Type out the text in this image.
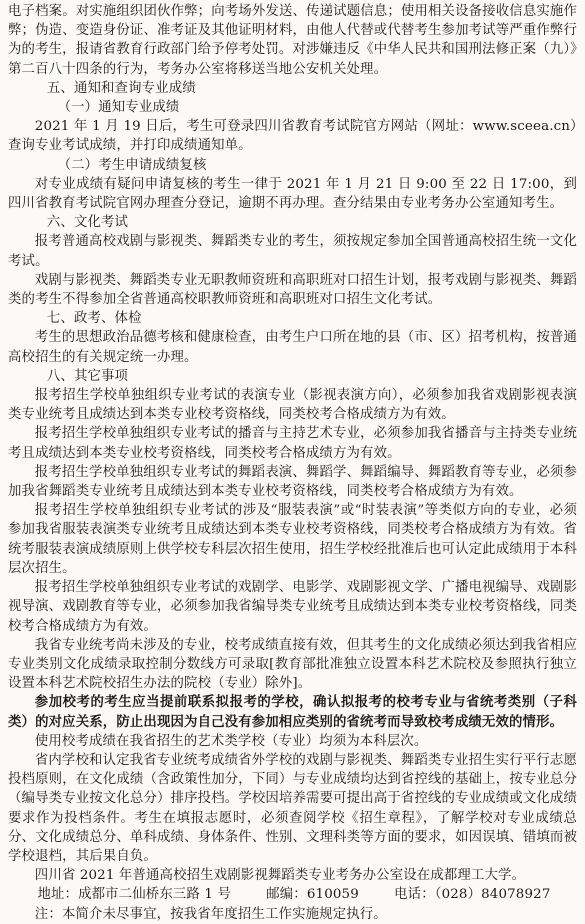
电子档案。对实施组织团伙作弊；向考场外发送、传递试题信息；使用相关设备接收信息实施作弊；伪造、变造身份证、准考证及其他证明材料，由他人代替或代替考生参加考试等严重作弊行为的考生，报请省教育行政部门给予停考处罚。对涉嫌违反《中华人民共和国刑法修正案（九）》第二百八十四条的行为，考务办公室将移送当地公安机关处理。

五、通知和查询专业成绩

（一）通知专业成绩

2021 年 1 月 19 日后，考生可登录四川省教育考试院官方网站（网址：www.sceea.cn）查询专业考试成绩，并打印成绩通知单。

（二）考生申请成绩复核

对专业成绩有疑问申请复核的考生一律于 2021 年 1 月 21 日 9:00 至 22 日 17:00，到四川省教育考试院官网办理查分登记，逾期不再办理。查分结果由专业考务办公室通知考生。

六、文化考试

报考普通高校戏剧与影视类、舞蹈类专业的考生，须按规定参加全国普通高校招生统一文化考试。

戏剧与影视类、舞蹈类专业无职教师资班和高职班对口招生计划，报考戏剧与影视类、舞蹈类的考生不得参加全省普通高校职教师资班和高职班对口招生文化考试。

七、政考、体检

考生的思想政治品德考核和健康检查，由考生户口所在地的县（市、区）招考机构，按普通高校招生的有关规定统一办理。

八、其它事项

报考招生学校单独组织专业考试的表演专业（影视表演方向），必须参加我省戏剧影视表演类专业统考且成绩达到本类专业校考资格线，同类校考合格成绩方为有效。

报考招生学校单独组织专业考试的播音与主持艺术专业，必须参加我省播音与主持类专业统考且成绩达到本类专业校考资格线，同类校考合格成绩方为有效。

报考招生学校单独组织专业考试的舞蹈表演、舞蹈学、舞蹈编导、舞蹈教育等专业，必须参加我省舞蹈类专业统考且成绩达到本类专业校考资格线，同类校考合格成绩方为有效。

报考招生学校单独组织专业考试的涉及“服装表演”或“时装表演”等类似方向的专业，必须参加我省服装表演类专业统考且成绩达到本类专业校考资格线，同类校考合格成绩方为有效。省统考服装表演成绩原则上供学校专科层次招生使用，招生学校经批准后也可认定此成绩用于本科层次招生。

报考招生学校单独组织专业考试的戏剧学、电影学、戏剧影视文学、广播电视编导、戏剧影视导演、戏剧教育等专业，必须参加我省编导类专业统考且成绩达到本类专业校考资格线，同类校考合格成绩方为有效。

我省专业统考尚未涉及的专业，校考成绩直接有效，但其考生的文化成绩必须达到我省相应专业类别文化成绩录取控制分数线方可录取[教育部批准独立设置本科艺术院校及参照执行独立设置本科艺术院校招生办法的院校（专业）除外]。

参加校考的考生应当提前联系拟报考的学校，确认拟报考的校考专业与省统考类别（子科类）的对应关系，防止出现因为自己没有参加相应类别的省统考而导致校考成绩无效的情形。

使用校考成绩在我省招生的艺术类学校（专业）均须为本科层次。

省内学校和认定我省专业统考成绩省外学校的戏剧与影视类、舞蹈类专业招生实行平行志愿投档原则，在文化成绩（含政策性加分，下同）与专业成绩均达到省控线的基础上，按专业总分（编导类专业按文化总分）排序投档。学校因培养需要可提出高于省控线的专业成绩或文化成绩要求作为投档条件。考生在填报志愿时，必须查阅学校《招生章程》，了解学校对专业成绩总分、文化成绩总分、单科成绩、身体条件、性别、文理科类等方面的要求，如因误填、错填而被学校退档，其后果自负。

四川省 2021 年普通高校招生戏剧影视舞蹈类专业考务办公室设在成都理工大学。

地址：成都市二仙桥东三路 1 号        邮编：610059        电话：（028）84078927

注：本简介未尽事宜，按我省年度招生工作实施规定执行。
